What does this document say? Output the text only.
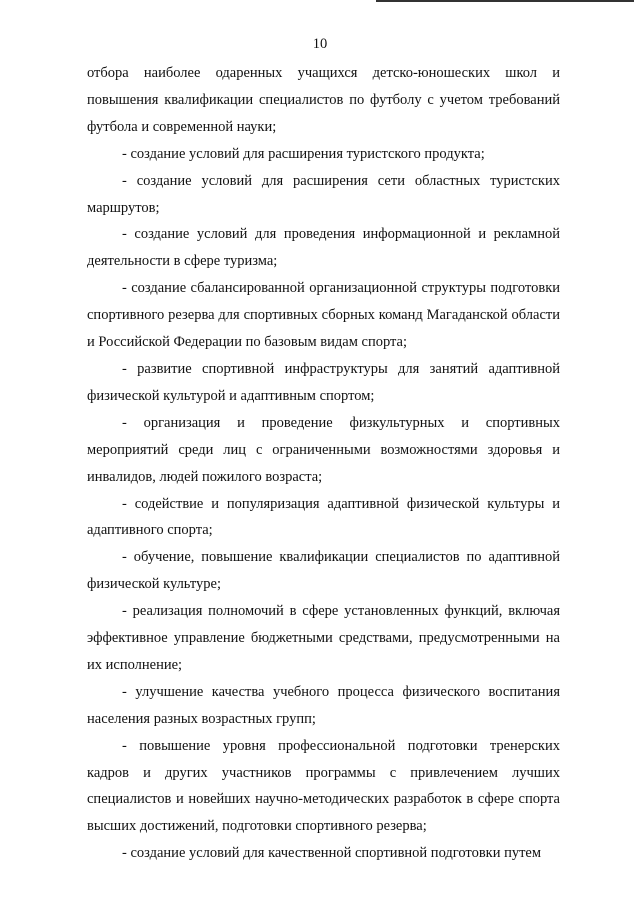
10

отбора наиболее одаренных учащихся детско-юношеских школ и повышения квалификации специалистов по футболу с учетом требований футбола и современной науки;

- создание условий для расширения туристского продукта;

- создание условий для расширения сети областных туристских маршрутов;

- создание условий для проведения информационной и рекламной деятельности в сфере туризма;

- создание сбалансированной организационной структуры подготовки спортивного резерва для спортивных сборных команд Магаданской области и Российской Федерации по базовым видам спорта;

- развитие спортивной инфраструктуры для занятий адаптивной физической культурой и адаптивным спортом;

- организация и проведение физкультурных и спортивных мероприятий среди лиц с ограниченными возможностями здоровья и инвалидов, людей пожилого возраста;

- содействие и популяризация адаптивной физической культуры и адаптивного спорта;

- обучение, повышение квалификации специалистов по адаптивной физической культуре;

- реализация полномочий в сфере установленных функций, включая эффективное управление бюджетными средствами, предусмотренными на их исполнение;

- улучшение качества учебного процесса физического воспитания населения разных возрастных групп;

- повышение уровня профессиональной подготовки тренерских кадров и других участников программы с привлечением лучших специалистов и новейших научно-методических разработок в сфере спорта высших достижений, подготовки спортивного резерва;

- создание условий для качественной спортивной подготовки путем
